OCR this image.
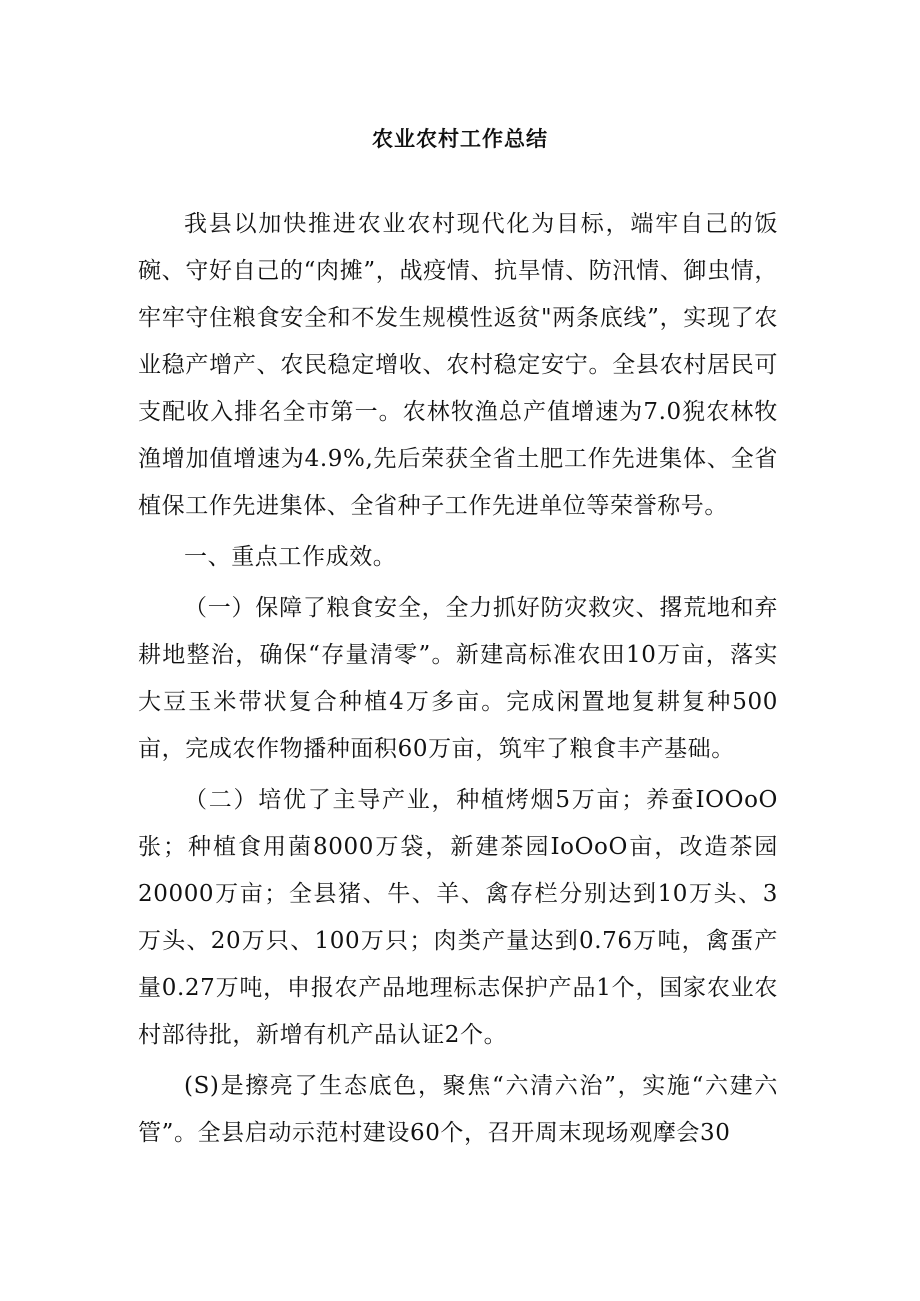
农业农村工作总结

我县以加快推进农业农村现代化为目标，端牢自己的饭碗、守好自己的“肉摊”，战疫情、抗旱情、防汛情、御虫情，牢牢守住粮食安全和不发生规模性返贫"两条底线”，实现了农业稳产增产、农民稳定增收、农村稳定安宁。全县农村居民可支配收入排名全市第一。农林牧渔总产值增速为7.0猊农林牧渔增加值增速为4.9%,先后荣获全省土肥工作先进集体、全省植保工作先进集体、全省种子工作先进单位等荣誉称号。

一、重点工作成效。

（一）保障了粮食安全，全力抓好防灾救灾、撂荒地和弃耕地整治，确保“存量清零”。新建高标准农田10万亩，落实大豆玉米带状复合种植4万多亩。完成闲置地复耕复种500亩，完成农作物播种面积60万亩，筑牢了粮食丰产基础。

（二）培优了主导产业，种植烤烟5万亩；养蚕IOOoO张；种植食用菌8000万袋，新建茶园IoOoO亩，改造茶园20000万亩；全县猪、牛、羊、禽存栏分别达到10万头、3万头、20万只、100万只；肉类产量达到0.76万吨，禽蛋产量0.27万吨，申报农产品地理标志保护产品1个，国家农业农村部待批，新增有机产品认证2个。

(S)是擦亮了生态底色，聚焦“六清六治”，实施“六建六管”。全县启动示范村建设60个，召开周末现场观摩会30
